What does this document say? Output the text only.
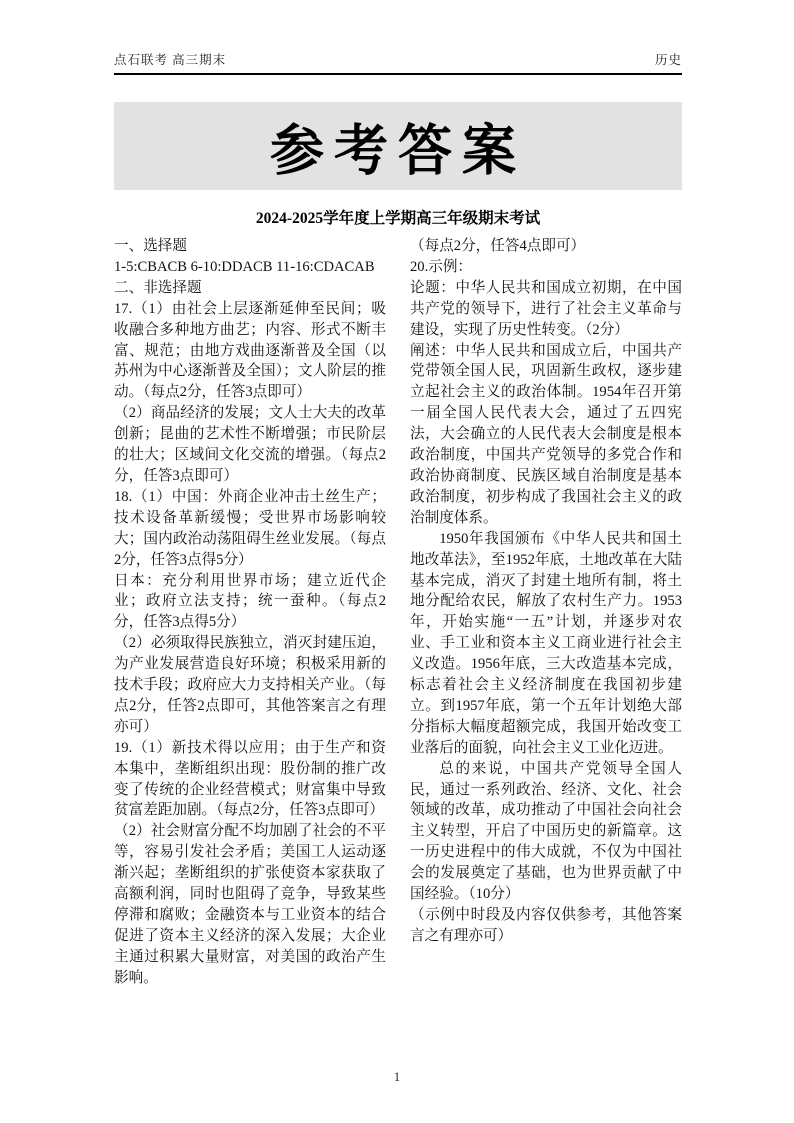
点石联考 高三期末	历史
参考答案
2024-2025学年度上学期高三年级期末考试

一、选择题

1-5:CBACB 6-10:DDACB 11-16:CDACAB

二、非选择题

17.（1）由社会上层逐渐延伸至民间；吸收融合多种地方曲艺；内容、形式不断丰富、规范；由地方戏曲逐渐普及全国（以苏州为中心逐渐普及全国）；文人阶层的推动。（每点2分，任答3点即可）

（2）商品经济的发展；文人士大夫的改革创新；昆曲的艺术性不断增强；市民阶层的壮大；区域间文化交流的增强。（每点2分，任答3点即可）

18.（1）中国：外商企业冲击土丝生产；技术设备革新缓慢；受世界市场影响较大；国内政治动荡阻碍生丝业发展。（每点2分，任答3点得5分）

日本：充分利用世界市场；建立近代企业；政府立法支持；统一蚕种。（每点2分，任答3点得5分）

（2）必须取得民族独立，消灭封建压迫，为产业发展营造良好环境；积极采用新的技术手段；政府应大力支持相关产业。（每点2分，任答2点即可，其他答案言之有理亦可）

19.（1）新技术得以应用；由于生产和资本集中，垄断组织出现：股份制的推广改变了传统的企业经营模式；财富集中导致贫富差距加剧。（每点2分，任答3点即可）

（2）社会财富分配不均加剧了社会的不平等，容易引发社会矛盾；美国工人运动逐渐兴起；垄断组织的扩张使资本家获取了高额利润，同时也阻碍了竞争，导致某些停滞和腐败；金融资本与工业资本的结合促进了资本主义经济的深入发展；大企业主通过积累大量财富，对美国的政治产生影响。

（每点2分，任答4点即可）

20.示例：

论题：中华人民共和国成立初期，在中国共产党的领导下，进行了社会主义革命与建设，实现了历史性转变。（2分）

阐述：中华人民共和国成立后，中国共产党带领全国人民，巩固新生政权，逐步建立起社会主义的政治体制。1954年召开第一届全国人民代表大会，通过了五四宪法，大会确立的人民代表大会制度是根本政治制度，中国共产党领导的多党合作和政治协商制度、民族区域自治制度是基本政治制度，初步构成了我国社会主义的政治制度体系。

1950年我国颁布《中华人民共和国土地改革法》，至1952年底，土地改革在大陆基本完成，消灭了封建土地所有制，将土地分配给农民，解放了农村生产力。1953年，开始实施“一五”计划，并逐步对农业、手工业和资本主义工商业进行社会主义改造。1956年底，三大改造基本完成，标志着社会主义经济制度在我国初步建立。到1957年底，第一个五年计划绝大部分指标大幅度超额完成，我国开始改变工业落后的面貌，向社会主义工业化迈进。

总的来说，中国共产党领导全国人民，通过一系列政治、经济、文化、社会领域的改革，成功推动了中国社会向社会主义转型，开启了中国历史的新篇章。这一历史进程中的伟大成就，不仅为中国社会的发展奠定了基础，也为世界贡献了中国经验。（10分）

（示例中时段及内容仅供参考，其他答案言之有理亦可）

1
